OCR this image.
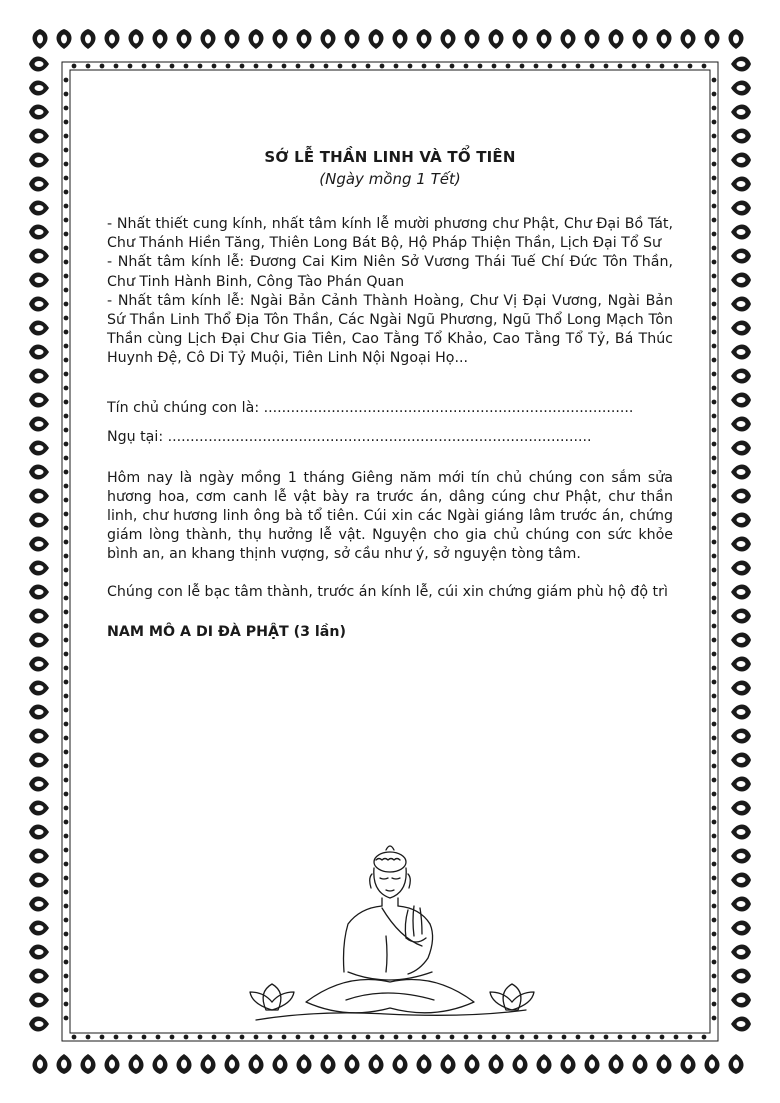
SỚ LỄ THẦN LINH VÀ TỔ TIÊN
(Ngày mồng 1 Tết)
- Nhất thiết cung kính, nhất tâm kính lễ mười phương chư Phật, Chư Đại Bồ Tát, Chư Thánh Hiền Tăng, Thiên Long Bát Bộ, Hộ Pháp Thiện Thần, Lịch Đại Tổ Sư
- Nhất tâm kính lễ: Đương Cai Kim Niên Sở Vương Thái Tuế Chí Đức Tôn Thần, Chư Tinh Hành Binh, Công Tào Phán Quan
- Nhất tâm kính lễ: Ngài Bản Cảnh Thành Hoàng, Chư Vị Đại Vương, Ngài Bản Sứ Thần Linh Thổ Địa Tôn Thần, Các Ngài Ngũ Phương, Ngũ Thổ Long Mạch Tôn Thần cùng Lịch Đại Chư Gia Tiên, Cao Tằng Tổ Khảo, Cao Tằng Tổ Tỷ, Bá Thúc Huynh Đệ, Cô Di Tỷ Muội, Tiên Linh Nội Ngoại Họ...
Tín chủ chúng con là: ..................................................................................
Ngụ tại: ..............................................................................................
Hôm nay là ngày mồng 1 tháng Giêng năm mới tín chủ chúng con sắm sửa hương hoa, cơm canh lễ vật bày ra trước án, dâng cúng chư Phật, chư thần linh, chư hương linh ông bà tổ tiên. Cúi xin các Ngài giáng lâm trước án, chứng giám lòng thành, thụ hưởng lễ vật. Nguyện cho gia chủ chúng con sức khỏe bình an, an khang thịnh vượng, sở cầu như ý, sở nguyện tòng tâm.
Chúng con lễ bạc tâm thành, trước án kính lễ, cúi xin chứng giám phù hộ độ trì
NAM MÔ A DI ĐÀ PHẬT (3 lần)
